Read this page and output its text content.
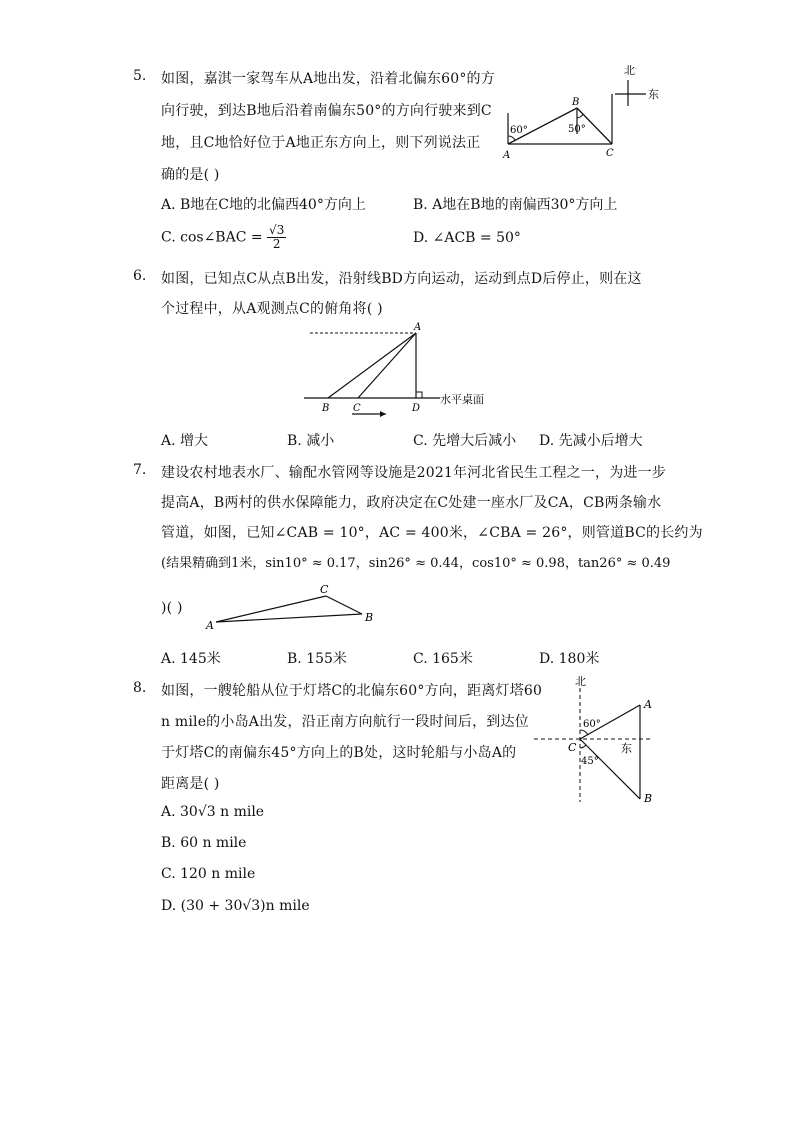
5. 如图，嘉淇一家驾车从A地出发，沿着北偏东60°的方
向行驶，到达B地后沿着南偏东50°的方向行驶来到C
地，且C地恰好位于A地正东方向上，则下列说法正
确的是( )
A. B地在C地的北偏西40°方向上	B. A地在B地的南偏西30°方向上
C. cos∠BAC = $\frac{√3}{2}$	D. ∠ACB = 50°
北
东
A
B
C
60°	50°
6. 如图，已知点C从点B出发，沿射线BD方向运动，运动到点D后停止，则在这
个过程中，从A观测点C的俯角将( )
A
B C	D
水平桌面
A. 增大	B. 减小	C. 先增大后减小 D. 先减小后增大
7. 建设农村地表水厂、输配水管网等设施是2021年河北省民生工程之一，为进一步
提高A，B两村的供水保障能力，政府决定在C处建一座水厂及CA，CB两条输水
管道，如图，已知∠CAB = 10°，AC = 400米，∠CBA = 26°，则管道BC的长约为
(结果精确到1米，sin10° ≈ 0.17，sin26° ≈ 0.44，cos10° ≈ 0.98，tan26° ≈ 0.49
)( )
A
C
B
A. 145米	B. 155米	C. 165米	D. 180米
8. 如图，一艘轮船从位于灯塔C的北偏东60°方向，距离灯塔60
n mile的小岛A出发，沿正南方向航行一段时间后，到达位
于灯塔C的南偏东45°方向上的B处，这时轮船与小岛A的
距离是( )
A. 30√3 n mile
B. 60 n mile
C. 120 n mile
D. (30 + 30√3)n mile
北
东
A
B
C
60°
45°
